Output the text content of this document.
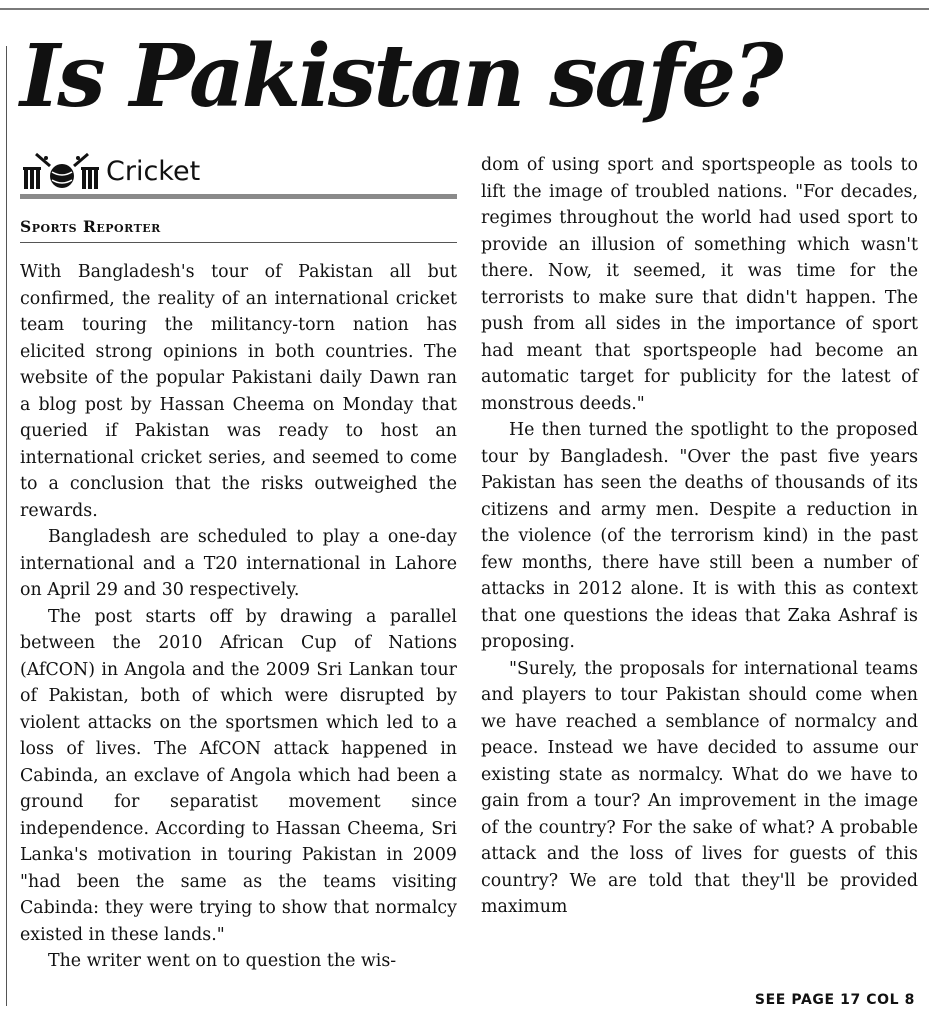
Is Pakistan safe?
Cricket
Sports Reporter

With Bangladesh's tour of Pakistan all but confirmed, the reality of an international cricket team touring the militancy-torn nation has elicited strong opinions in both countries. The website of the popular Pakistani daily Dawn ran a blog post by Hassan Cheema on Monday that queried if Pakistan was ready to host an international cricket series, and seemed to come to a conclusion that the risks outweighed the rewards.

Bangladesh are scheduled to play a one-day international and a T20 international in Lahore on April 29 and 30 respectively.

The post starts off by drawing a parallel between the 2010 African Cup of Nations (AfCON) in Angola and the 2009 Sri Lankan tour of Pakistan, both of which were disrupted by violent attacks on the sportsmen which led to a loss of lives. The AfCON attack happened in Cabinda, an exclave of Angola which had been a ground for separatist movement since independence. According to Hassan Cheema, Sri Lanka's motivation in touring Pakistan in 2009 "had been the same as the teams visiting Cabinda: they were trying to show that normalcy existed in these lands."

The writer went on to question the wis-

dom of using sport and sportspeople as tools to lift the image of troubled nations. "For decades, regimes throughout the world had used sport to provide an illusion of something which wasn't there. Now, it seemed, it was time for the terrorists to make sure that didn't happen. The push from all sides in the importance of sport had meant that sportspeople had become an automatic target for publicity for the latest of monstrous deeds."

He then turned the spotlight to the proposed tour by Bangladesh. "Over the past five years Pakistan has seen the deaths of thousands of its citizens and army men. Despite a reduction in the violence (of the terrorism kind) in the past few months, there have still been a number of attacks in 2012 alone. It is with this as context that one questions the ideas that Zaka Ashraf is proposing.

"Surely, the proposals for international teams and players to tour Pakistan should come when we have reached a semblance of normalcy and peace. Instead we have decided to assume our existing state as normalcy. What do we have to gain from a tour? An improvement in the image of the country? For the sake of what? A probable attack and the loss of lives for guests of this country? We are told that they'll be provided maximum

SEE PAGE 17 COL 8
